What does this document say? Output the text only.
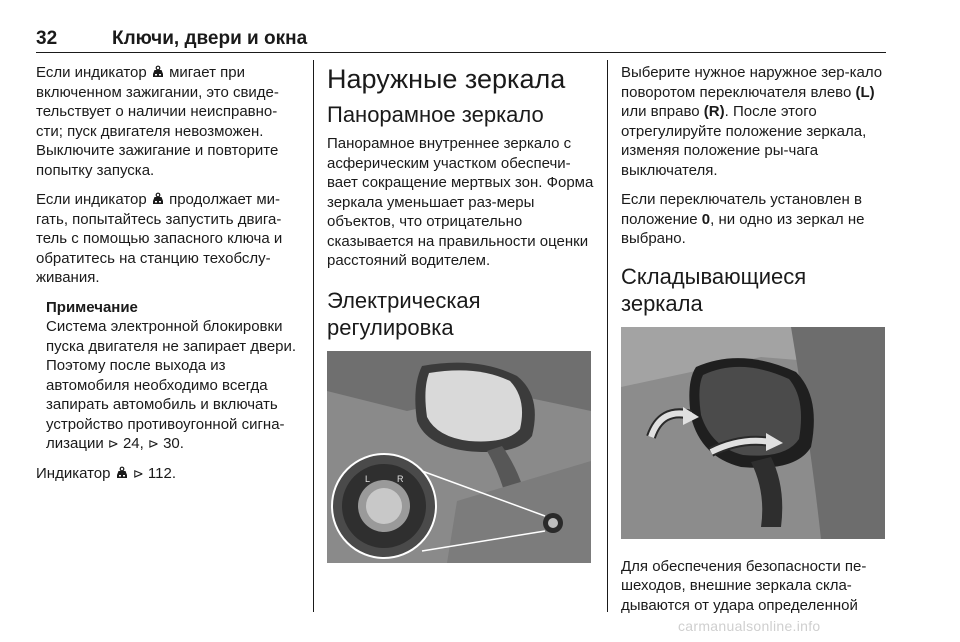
32	Ключи, двери и окна

Если индикатор мигает при включенном зажигании, это свиде-тельствует о наличии неисправно-сти; пуск двигателя невозможен. Выключите зажигание и повторите попытку запуска.

Если индикатор продолжает ми-гать, попытайтесь запустить двига-тель с помощью запасного ключа и обратитесь на станцию техобслу-живания.

Примечание

Система электронной блокировки пуска двигателя не запирает двери. Поэтому после выхода из автомобиля необходимо всегда запирать автомобиль и включать устройство противоугонной сигна-лизации ⊳ 24, ⊳ 30.

Индикатор ⊳ 112.

Наружные зеркала
Панорамное зеркало

Панорамное внутреннее зеркало с асферическим участком обеспечи-вает сокращение мертвых зон. Форма зеркала уменьшает раз-меры объектов, что отрицательно сказывается на правильности оценки расстояний водителем.

Электрическая регулировка
L	R

Выберите нужное наружное зер-кало поворотом переключателя влево (L) или вправо (R). После этого отрегулируйте положение зеркала, изменяя положение ры-чага выключателя.

Если переключатель установлен в положение 0, ни одно из зеркал не выбрано.

Складывающиеся зеркала

Для обеспечения безопасности пе-шеходов, внешние зеркала скла-дываются от удара определенной

carmanualsonline.info
